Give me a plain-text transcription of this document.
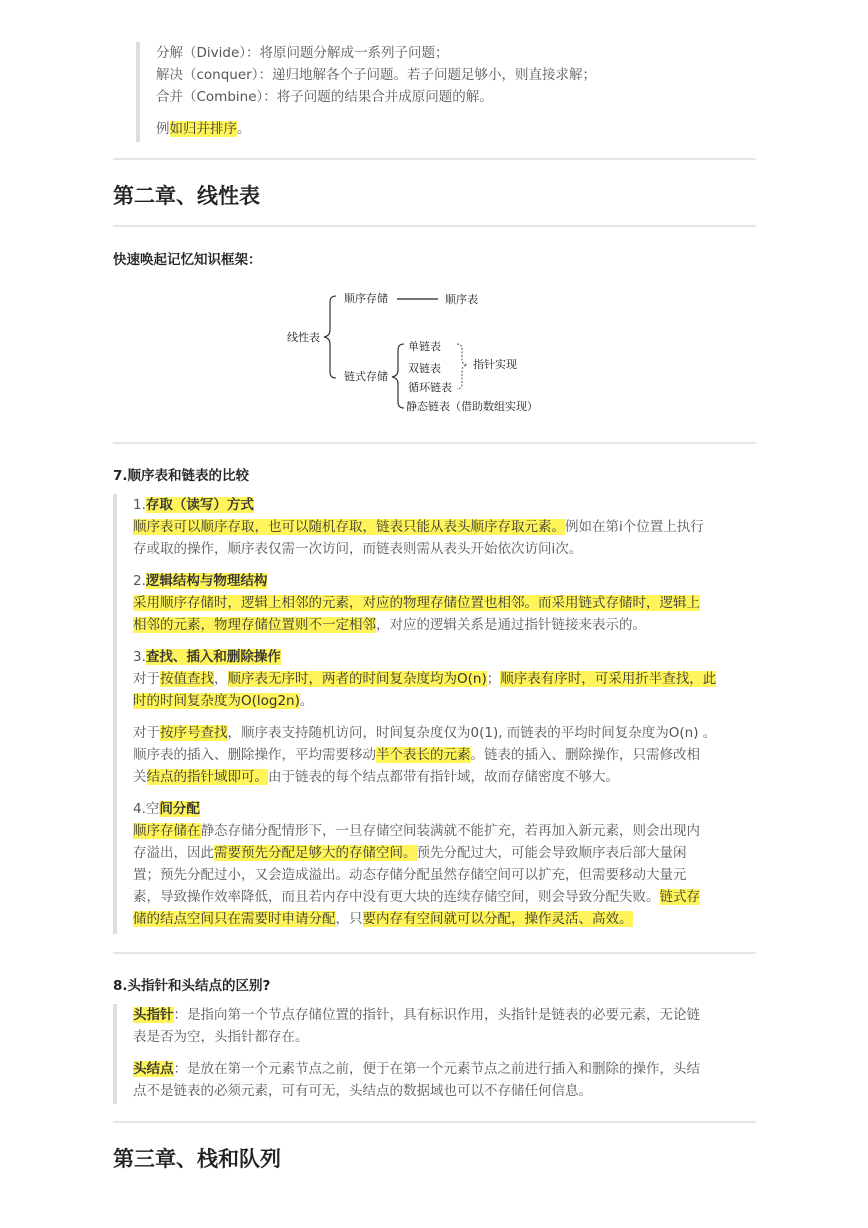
分解（Divide）：将原问题分解成一系列子问题；

解决（conquer）：递归地解各个子问题。若子问题足够小，则直接求解；

合并（Combine）：将子问题的结果合并成原问题的解。

例如归并排序。

第二章、线性表
快速唤起记忆知识框架：
线性表
顺序存储	顺序表
链式存储
单链表
双链表
循环链表
静态链表（借助数组实现）
指针实现
7.顺序表和链表的比较

1.存取（读写）方式

顺序表可以顺序存取，也可以随机存取，链表只能从表头顺序存取元素。例如在第i个位置上执行

存或取的操作，顺序表仅需一次访问，而链表则需从表头开始依次访问i次。

2.逻辑结构与物理结构

采用顺序存储时，逻辑上相邻的元素，对应的物理存储位置也相邻。而采用链式存储时，逻辑上

相邻的元素，物理存储位置则不一定相邻，对应的逻辑关系是通过指针链接来表示的。

3.查找、插入和删除操作

对于按值查找，顺序表无序时，两者的时间复杂度均为O(n)；顺序表有序时，可采用折半查找，此

时的时间复杂度为O(log2n)。

对于按序号查找，顺序表支持随机访问，时间复杂度仅为0(1), 而链表的平均时间复杂度为O(n) 。

顺序表的插入、删除操作，平均需要移动半个表长的元素。链表的插入、删除操作，只需修改相

关结点的指针域即可。由于链表的每个结点都带有指针域，故而存储密度不够大。

4.空间分配

顺序存储在静态存储分配情形下，一旦存储空间装满就不能扩充，若再加入新元素，则会出现内

存溢出，因此需要预先分配足够大的存储空间。预先分配过大，可能会导致顺序表后部大量闲

置；预先分配过小，又会造成溢出。动态存储分配虽然存储空间可以扩充，但需要移动大量元

素，导致操作效率降低，而且若内存中没有更大块的连续存储空间，则会导致分配失败。链式存

储的结点空间只在需要时申请分配，只要内存有空间就可以分配，操作灵活、高效。

8.头指针和头结点的区别?

头指针：是指向第一个节点存储位置的指针，具有标识作用，头指针是链表的必要元素，无论链

表是否为空，头指针都存在。

头结点：是放在第一个元素节点之前，便于在第一个元素节点之前进行插入和删除的操作，头结

点不是链表的必须元素，可有可无，头结点的数据域也可以不存储任何信息。

第三章、栈和队列
